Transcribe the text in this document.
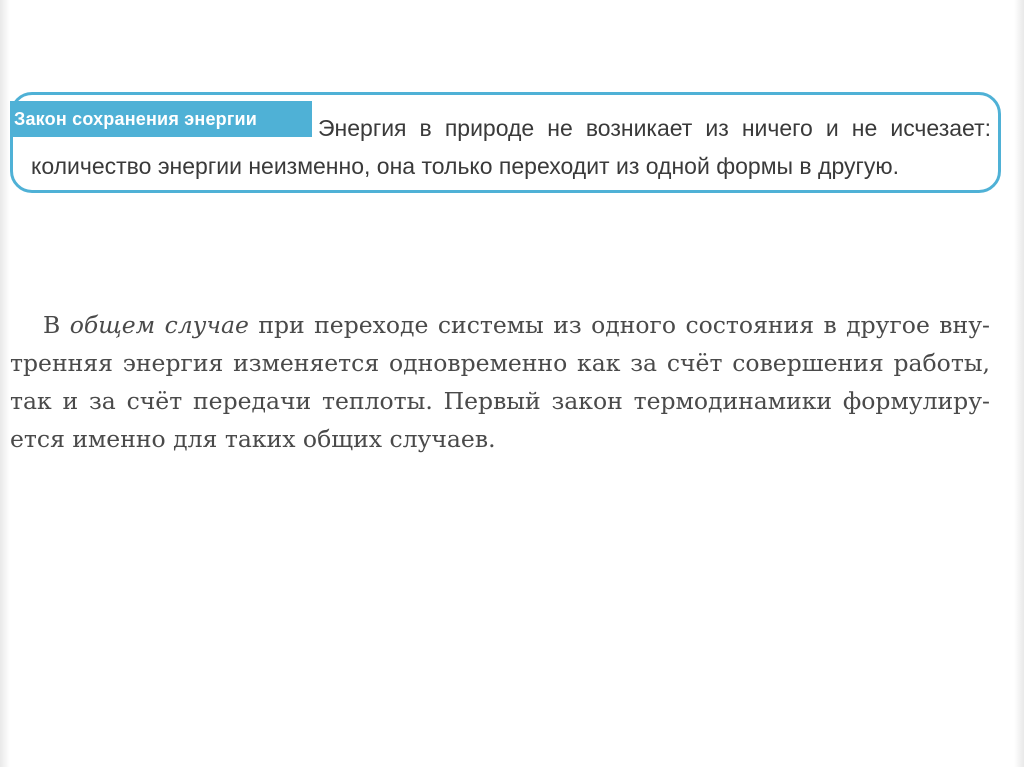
Закон сохранения энергии	Энергия в природе не возникает из ничего и не исчезает: количество энергии неизменно, она только переходит из одной формы в другую.
В общем случае при переходе системы из одного состояния в другое внутренняя энергия изменяется одновременно как за счёт совершения работы, так и за счёт передачи теплоты. Первый закон термодинамики формулируется именно для таких общих случаев.
